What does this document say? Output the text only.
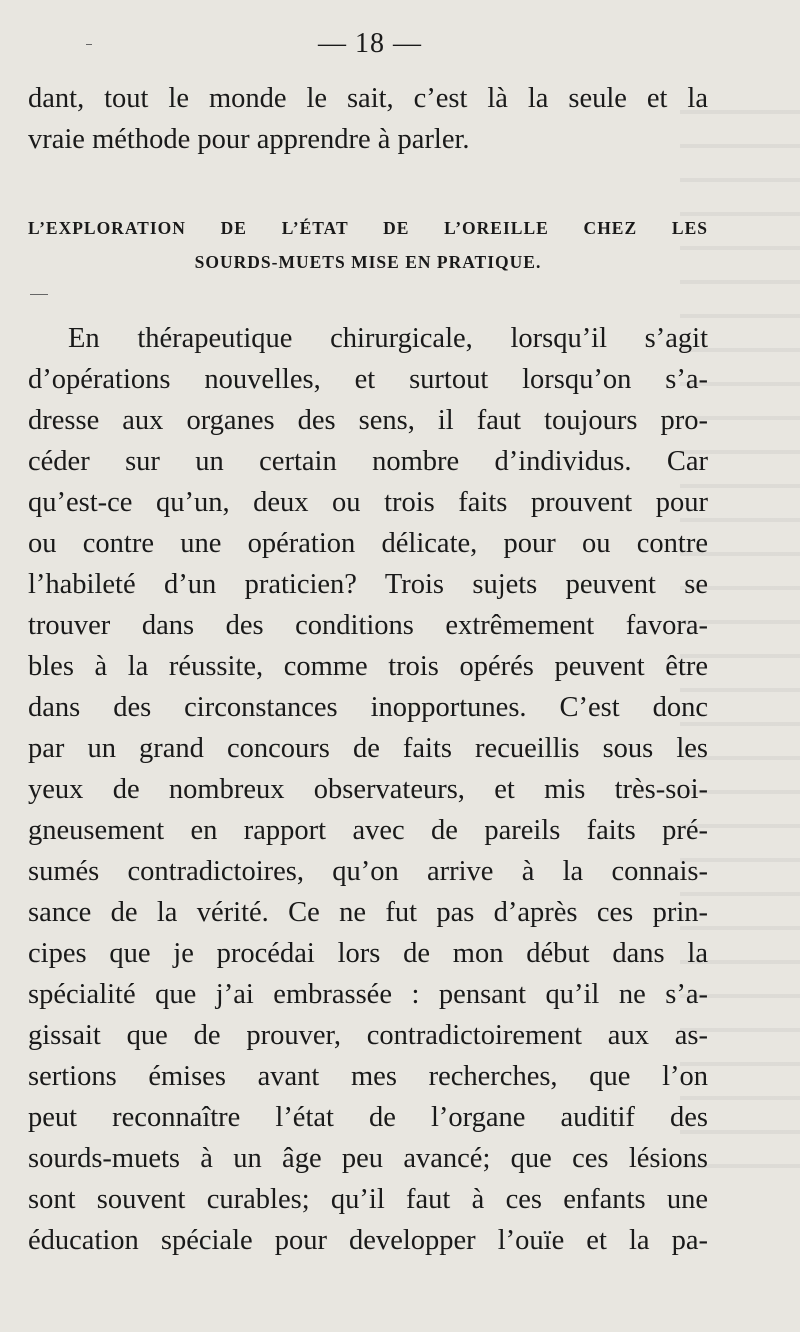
— 18 —
dant, tout le monde le sait, c’est là la seule et la
vraie méthode pour apprendre à parler.
L’EXPLORATION DE L’ÉTAT DE L’OREILLE CHEZ LES
SOURDS-MUETS MISE EN PRATIQUE.
En thérapeutique chirurgicale, lorsqu’il s’agit
d’opérations nouvelles, et surtout lorsqu’on s’a-
dresse aux organes des sens, il faut toujours pro-
céder sur un certain nombre d’individus. Car
qu’est-ce qu’un, deux ou trois faits prouvent pour
ou contre une opération délicate, pour ou contre
l’habileté d’un praticien? Trois sujets peuvent se
trouver dans des conditions extrêmement favora-
bles à la réussite, comme trois opérés peuvent être
dans des circonstances inopportunes. C’est donc
par un grand concours de faits recueillis sous les
yeux de nombreux observateurs, et mis très-soi-
gneusement en rapport avec de pareils faits pré-
sumés contradictoires, qu’on arrive à la connais-
sance de la vérité. Ce ne fut pas d’après ces prin-
cipes que je procédai lors de mon début dans la
spécialité que j’ai embrassée : pensant qu’il ne s’a-
gissait que de prouver, contradictoirement aux as-
sertions émises avant mes recherches, que l’on
peut reconnaître l’état de l’organe auditif des
sourds-muets à un âge peu avancé; que ces lésions
sont souvent curables; qu’il faut à ces enfants une
éducation spéciale pour developper l’ouïe et la pa-
